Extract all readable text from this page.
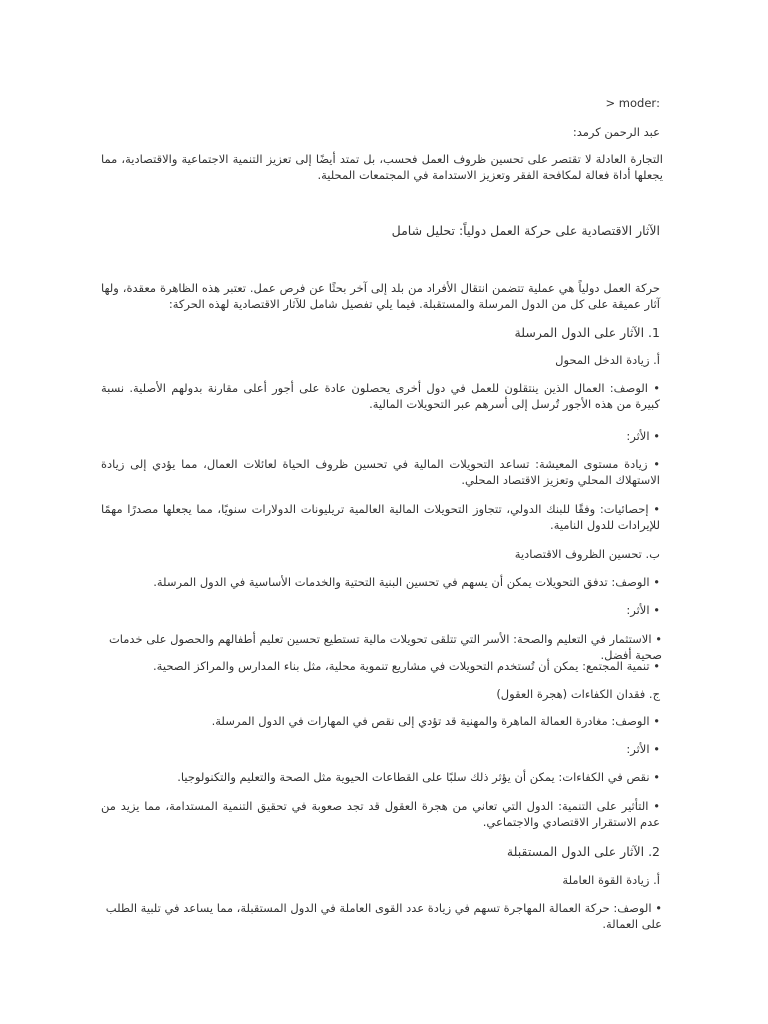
:moder <
عبد الرحمن كرمد:
التجارة العادلة لا تقتصر على تحسين ظروف العمل فحسب، بل تمتد أيضًا إلى تعزيز التنمية الاجتماعية والاقتصادية، مما يجعلها أداة فعالة لمكافحة الفقر وتعزيز الاستدامة في المجتمعات المحلية.
الآثار الاقتصادية على حركة العمل دولياً: تحليل شامل
حركة العمل دولياً هي عملية تتضمن انتقال الأفراد من بلد إلى آخر بحثًا عن فرص عمل. تعتبر هذه الظاهرة معقدة، ولها آثار عميقة على كل من الدول المرسلة والمستقبلة. فيما يلي تفصيل شامل للآثار الاقتصادية لهذه الحركة:
1. الآثار على الدول المرسلة
أ. زيادة الدخل المحول
• الوصف: العمال الذين ينتقلون للعمل في دول أخرى يحصلون عادة على أجور أعلى مقارنة بدولهم الأصلية. نسبة كبيرة من هذه الأجور تُرسل إلى أسرهم عبر التحويلات المالية.
• الأثر:
• زيادة مستوى المعيشة: تساعد التحويلات المالية في تحسين ظروف الحياة لعائلات العمال، مما يؤدي إلى زيادة الاستهلاك المحلي وتعزيز الاقتصاد المحلي.
• إحصائيات: وفقًا للبنك الدولي، تتجاوز التحويلات المالية العالمية تريليونات الدولارات سنويًا، مما يجعلها مصدرًا مهمًا للإيرادات للدول النامية.
ب. تحسين الظروف الاقتصادية
• الوصف: تدفق التحويلات يمكن أن يسهم في تحسين البنية التحتية والخدمات الأساسية في الدول المرسلة.
• الأثر:
• الاستثمار في التعليم والصحة: الأسر التي تتلقى تحويلات مالية تستطيع تحسين تعليم أطفالهم والحصول على خدمات صحية أفضل.
• تنمية المجتمع: يمكن أن تُستخدم التحويلات في مشاريع تنموية محلية، مثل بناء المدارس والمراكز الصحية.
ج. فقدان الكفاءات (هجرة العقول)
• الوصف: مغادرة العمالة الماهرة والمهنية قد تؤدي إلى نقص في المهارات في الدول المرسلة.
• الأثر:
• نقص في الكفاءات: يمكن أن يؤثر ذلك سلبًا على القطاعات الحيوية مثل الصحة والتعليم والتكنولوجيا.
• التأثير على التنمية: الدول التي تعاني من هجرة العقول قد تجد صعوبة في تحقيق التنمية المستدامة، مما يزيد من عدم الاستقرار الاقتصادي والاجتماعي.
2. الآثار على الدول المستقبلة
أ. زيادة القوة العاملة
• الوصف: حركة العمالة المهاجرة تسهم في زيادة عدد القوى العاملة في الدول المستقبلة، مما يساعد في تلبية الطلب على العمالة.
